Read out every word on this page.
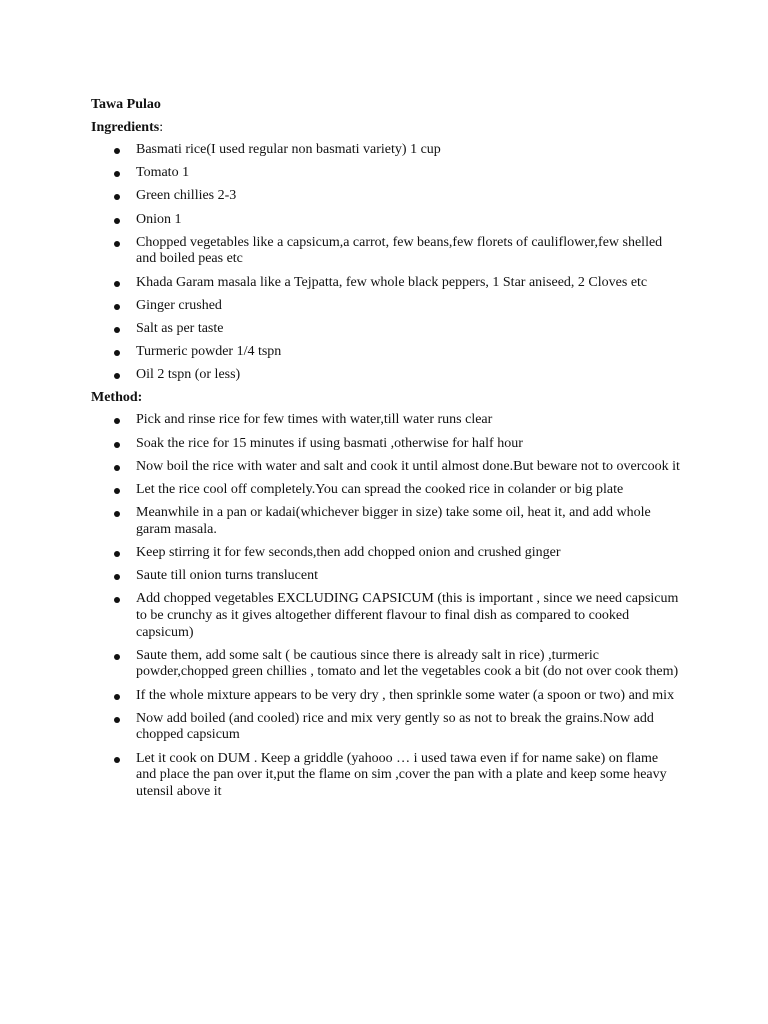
Tawa Pulao
Ingredients:
Basmati rice(I used regular non basmati variety) 1 cup
Tomato 1
Green chillies 2-3
Onion 1
Chopped vegetables like a capsicum,a carrot, few beans,few florets of cauliflower,few shelled and boiled peas etc
Khada Garam masala like a Tejpatta, few whole black peppers, 1 Star aniseed, 2 Cloves etc
Ginger crushed
Salt as per taste
Turmeric powder 1/4 tspn
Oil 2 tspn (or less)
Method:
Pick and rinse rice for few times with water,till water runs clear
Soak the rice for 15 minutes if using basmati ,otherwise for half hour
Now boil the rice with water and salt and cook it until almost done.But beware not to overcook it
Let the rice cool off completely.You can spread the cooked rice in colander or big plate
Meanwhile in a pan or kadai(whichever bigger in size) take some oil, heat it, and add whole garam masala.
Keep stirring it for few seconds,then add chopped onion and crushed ginger
Saute till onion turns translucent
Add chopped vegetables EXCLUDING CAPSICUM (this is important , since we need capsicum to be crunchy as it gives altogether different flavour to final dish as compared to cooked capsicum)
Saute them, add some salt ( be cautious since there is already salt in rice) ,turmeric powder,chopped green chillies , tomato and let the vegetables cook a bit (do not over cook them)
If the whole mixture appears to be very dry , then sprinkle some water (a spoon or two) and mix
Now add boiled (and cooled) rice and mix very gently so as not to break the grains.Now add chopped capsicum
Let it cook on DUM . Keep a griddle (yahooo … i used tawa even if for name sake) on flame and place the pan over it,put the flame on sim ,cover the pan with a plate and keep some heavy utensil above it
